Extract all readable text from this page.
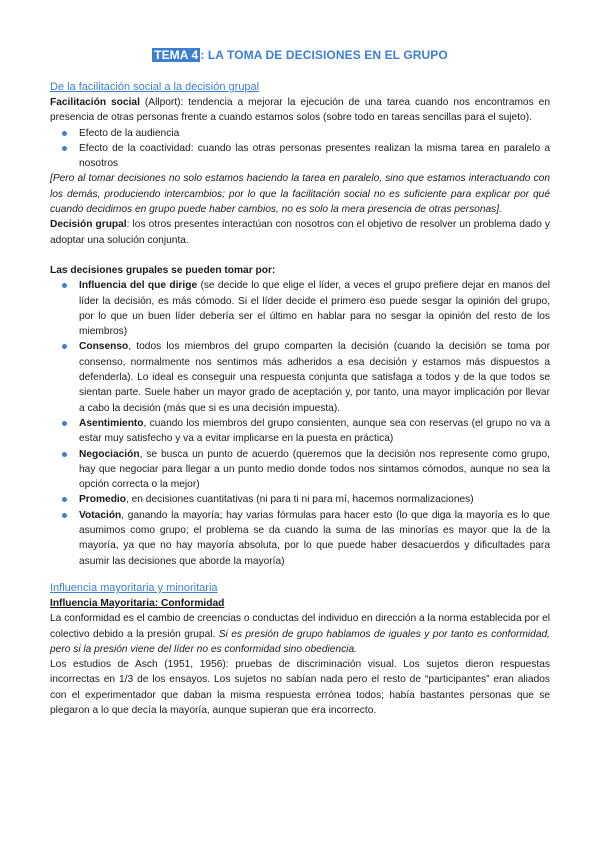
TEMA 4 : LA TOMA DE DECISIONES EN EL GRUPO

De la facilitación social a la decisión grupal

Facilitación social (Allport): tendencia a mejorar la ejecución de una tarea cuando nos encontramos en presencia de otras personas frente a cuando estamos solos (sobre todo en tareas sencillas para el sujeto).

Efecto de la audiencia
Efecto de la coactividad: cuando las otras personas presentes realizan la misma tarea en paralelo a nosotros

[Pero al tomar decisiones no solo estamos haciendo la tarea en paralelo, sino que estamos interactuando con los demás, produciendo intercambios; por lo que la facilitación social no es suficiente para explicar por qué cuando decidimos en grupo puede haber cambios, no es solo la mera presencia de otras personas].

Decisión grupal: los otros presentes interactúan con nosotros con el objetivo de resolver un problema dado y adoptar una solución conjunta.

Las decisiones grupales se pueden tomar por:

Influencia del que dirige (se decide lo que elige el líder, a veces el grupo prefiere dejar en manos del líder la decisión, es más cómodo. Si el líder decide el primero eso puede sesgar la opinión del grupo, por lo que un buen líder debería ser el último en hablar para no sesgar la opinión del resto de los miembros)
Consenso, todos los miembros del grupo comparten la decisión (cuando la decisión se toma por consenso, normalmente nos sentimos más adheridos a esa decisión y estamos más dispuestos a defenderla). Lo ideal es conseguir una respuesta conjunta que satisfaga a todos y de la que todos se sientan parte. Suele haber un mayor grado de aceptación y, por tanto, una mayor implicación por llevar a cabo la decisión (más que si es una decisión impuesta).
Asentimiento, cuando los miembros del grupo consienten, aunque sea con reservas (el grupo no va a estar muy satisfecho y va a evitar implicarse en la puesta en práctica)
Negociación, se busca un punto de acuerdo (queremos que la decisión nos represente como grupo, hay que negociar para llegar a un punto medio donde todos nos sintamos cómodos, aunque no sea la opción correcta o la mejor)
Promedio, en decisiones cuantitativas (ni para ti ni para mí, hacemos normalizaciones)
Votación, ganando la mayoría; hay varias fórmulas para hacer esto (lo que diga la mayoría es lo que asumimos como grupo; el problema se da cuando la suma de las minorías es mayor que la de la mayoría, ya que no hay mayoría absoluta, por lo que puede haber desacuerdos y dificultades para asumir las decisiones que aborde la mayoría)

Influencia mayoritaria y minoritaria

Influencia Mayoritaria: Conformidad

La conformidad es el cambio de creencias o conductas del individuo en dirección a la norma establecida por el colectivo debido a la presión grupal. Si es presión de grupo hablamos de iguales y por tanto es conformidad, pero si la presión viene del líder no es conformidad sino obediencia.

Los estudios de Asch (1951, 1956): pruebas de discriminación visual. Los sujetos dieron respuestas incorrectas en 1/3 de los ensayos. Los sujetos no sabían nada pero el resto de “participantes” eran aliados con el experimentador que daban la misma respuesta errónea todos; había bastantes personas que se plegaron a lo que decía la mayoría, aunque supieran que era incorrecto.
